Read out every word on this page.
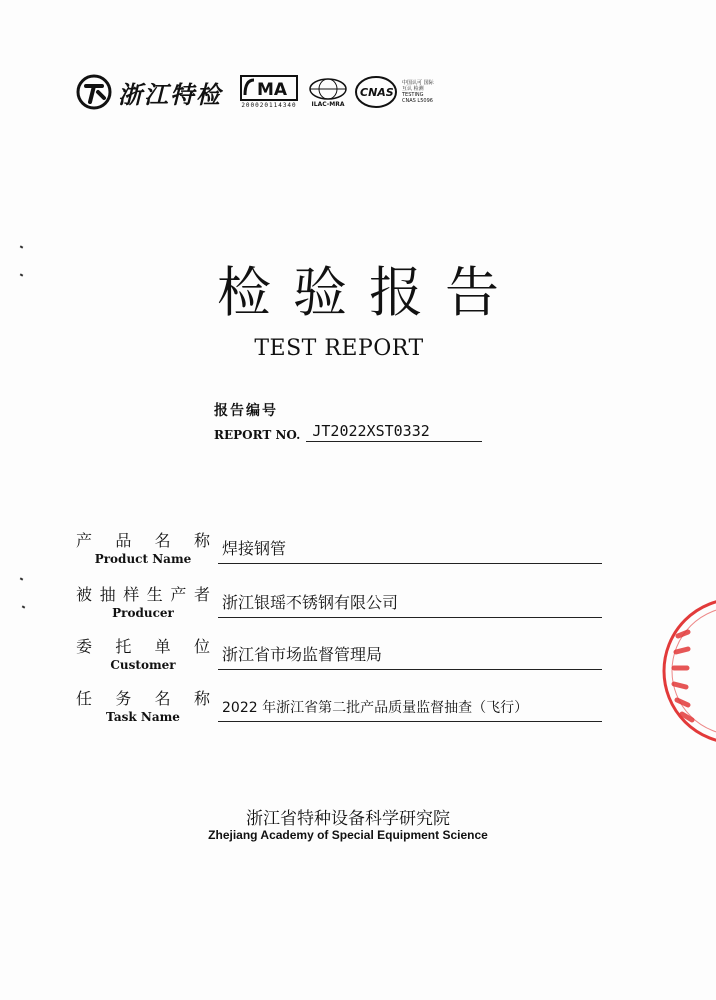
浙江特检 MA
200020114340 ILAC-MRA
CNAS
中国认可 国际互认 检测 TESTING CNAS L5096
检验报告
TEST REPORT
报告编号
REPORT NO. JT2022XST0332
产 品 名 称
Product Name
焊接钢管
被 抽 样 生 产 者
Producer
浙江银瑶不锈钢有限公司
委 托 单 位
Customer
浙江省市场监督管理局
任 务 名 称
Task Name
2022 年浙江省第二批产品质量监督抽查（飞行）
浙江省特种设备科学研究院
Zhejiang Academy of Special Equipment Science
